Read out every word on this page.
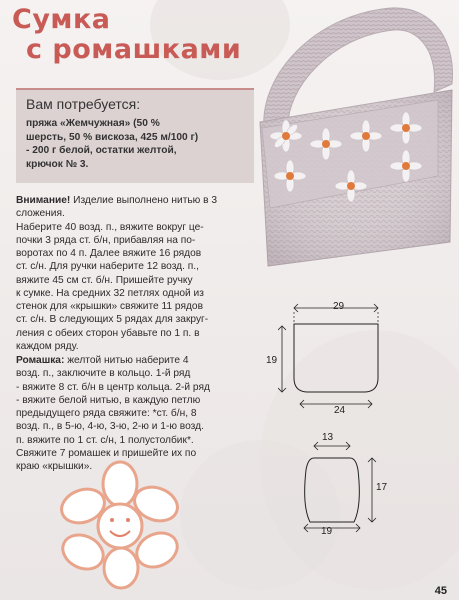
Сумка
с ромашками
Вам потребуется:

пряжа «Жемчужная» (50 %
шерсть, 50 % вискоза, 425 м/100 г)
- 200 г белой, остатки желтой,
крючок № 3.

Внимание! Изделие выполнено нитью в 3
сложения.
Наберите 40 возд. п., вяжите вокруг це-
почки 3 ряда ст. б/н, прибавляя на по-
воротах по 4 п. Далее вяжите 16 рядов
ст. с/н. Для ручки наберите 12 возд. п.,
вяжите 45 см ст. б/н. Пришейте ручку
к сумке. На средних 32 петлях одной из
стенок для «крышки» свяжите 11 рядов
ст. с/н. В следующих 5 рядах для закруг-
ления с обеих сторон убавьте по 1 п. в
каждом ряду.

Ромашка: желтой нитью наберите 4
возд. п., заключите в кольцо. 1-й ряд
- вяжите 8 ст. б/н в центр кольца. 2-й ряд
- вяжите белой нитью, в каждую петлю
предыдущего ряда свяжите: *ст. б/н, 8
возд. п., в 5-ю, 4-ю, 3-ю, 2-ю и 1-ю возд.
п. вяжите по 1 ст. с/н, 1 полустолбик*.
Свяжите 7 ромашек и пришейте их по
краю «крышки».

29
19
24
13
17
19
45
